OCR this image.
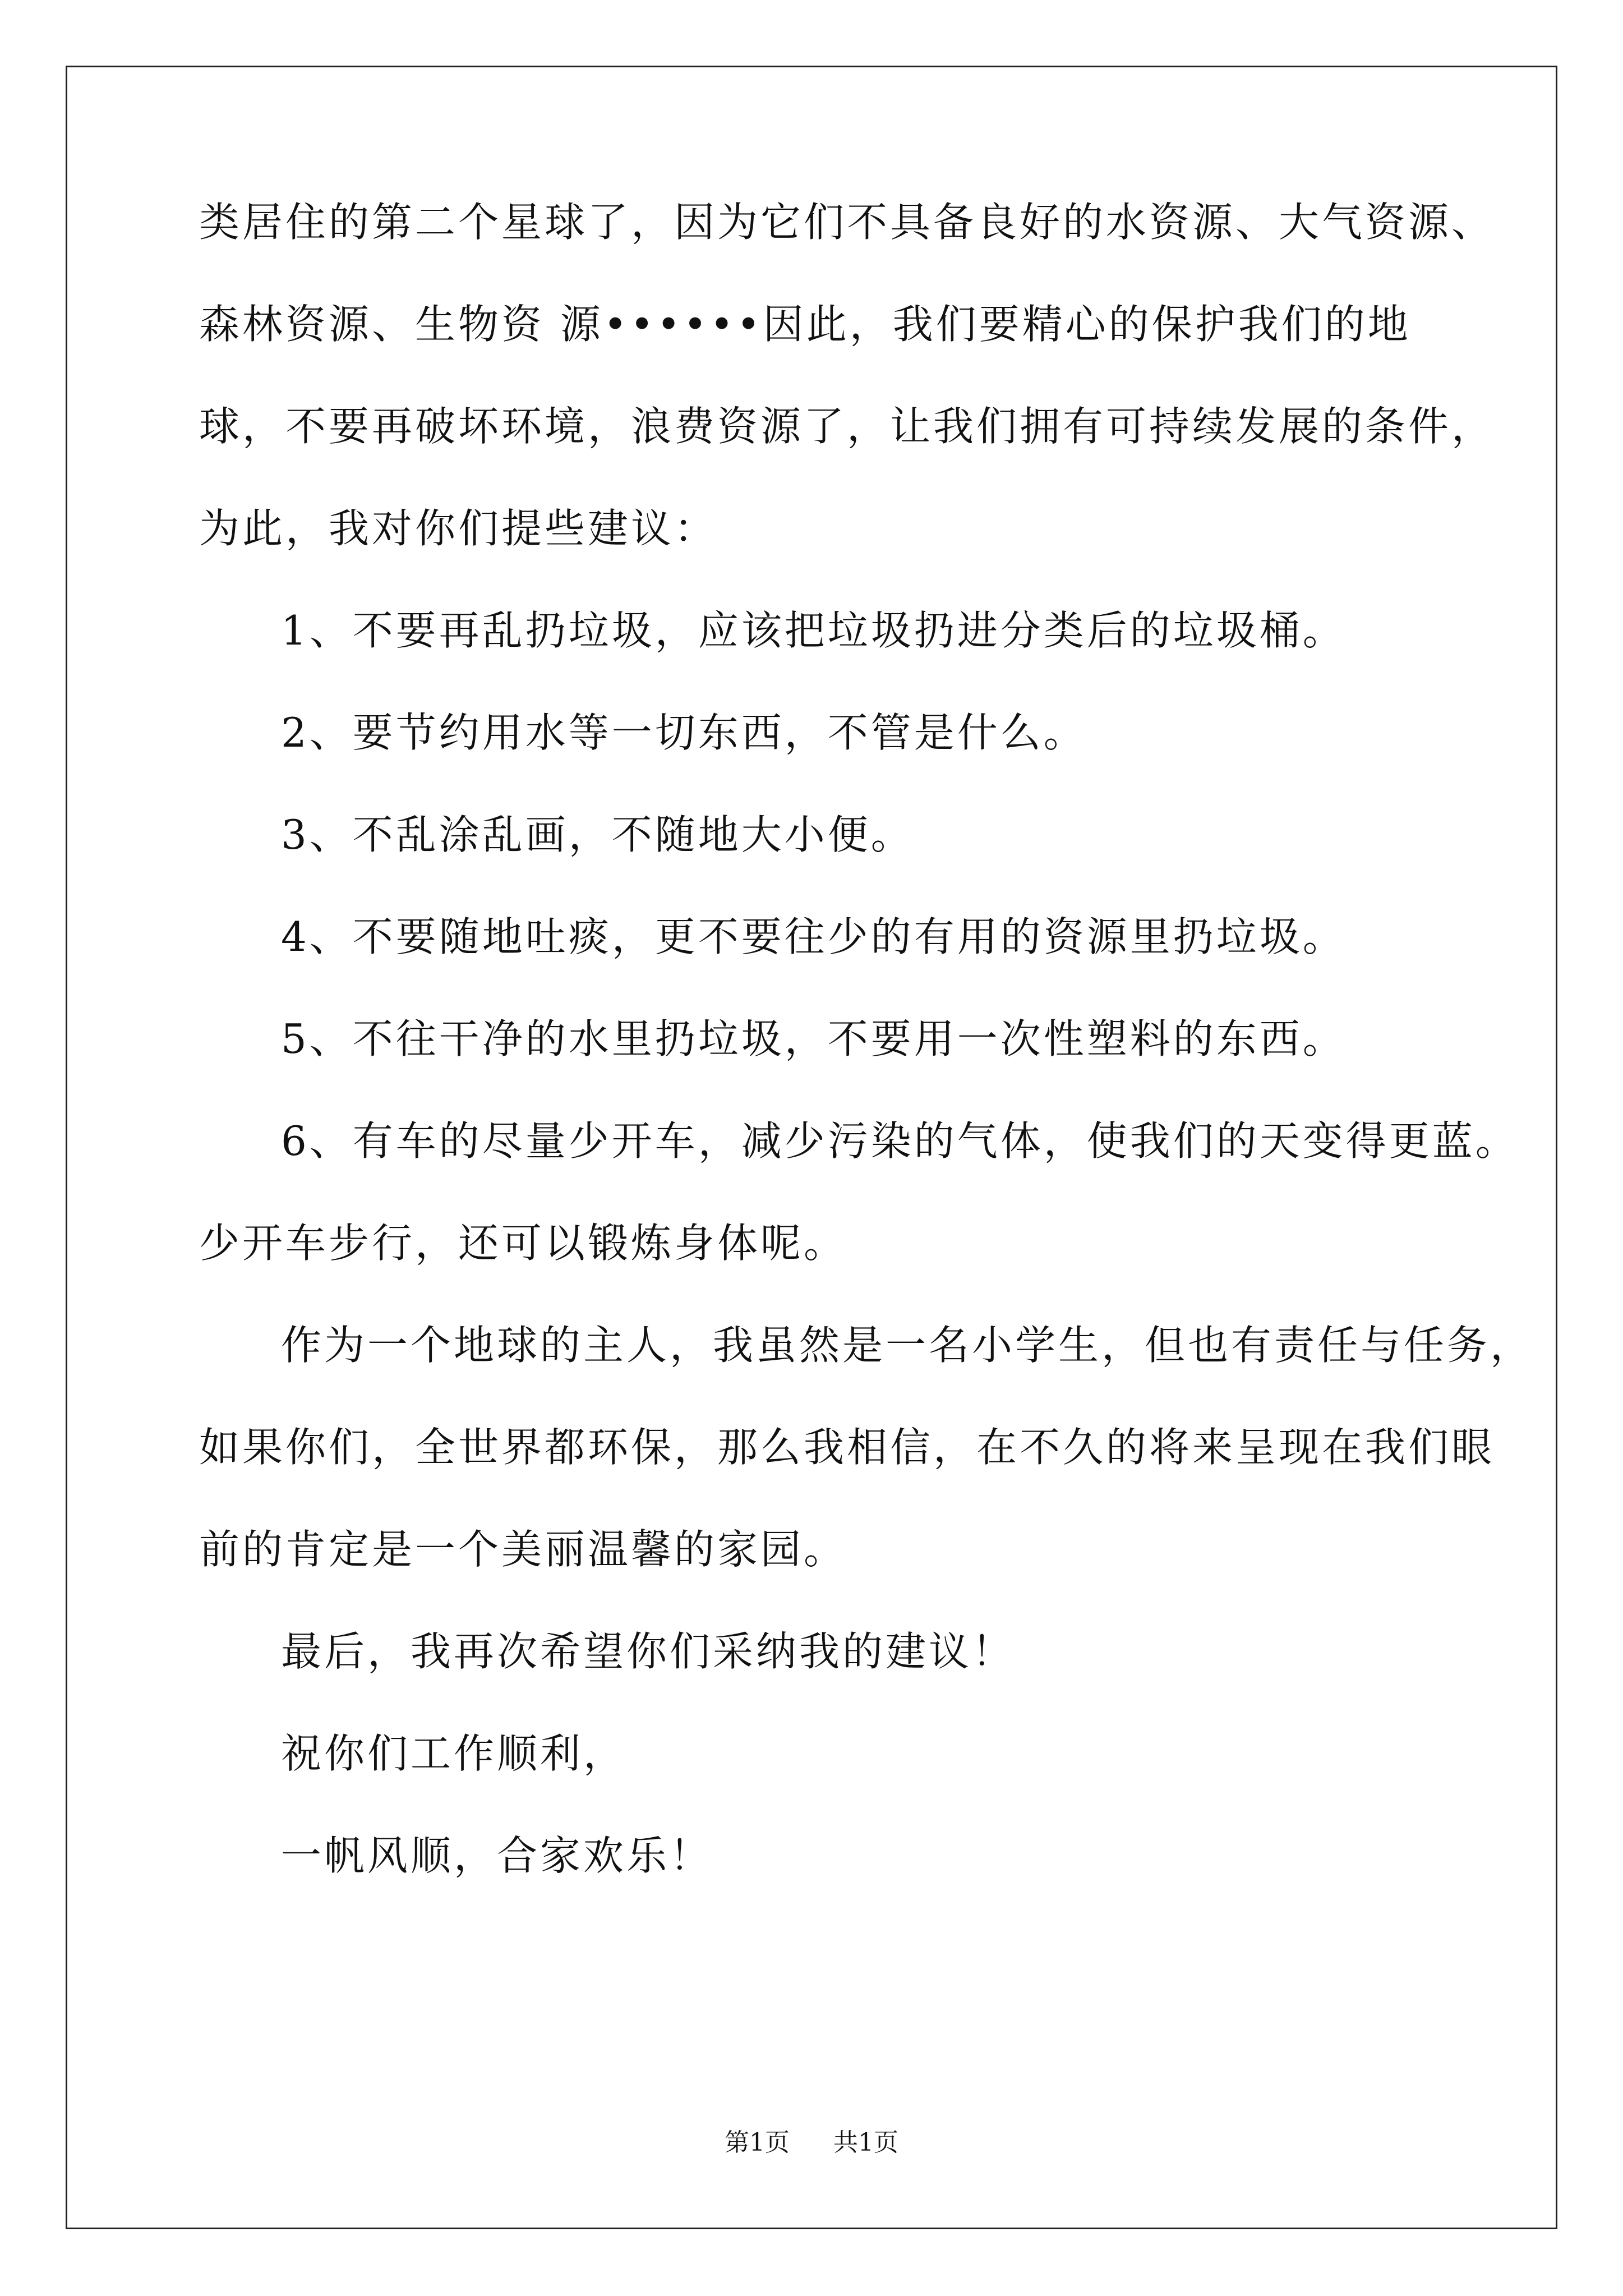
类居住的第二个星球了，因为它们不具备良好的水资源、大气资源、
森林资源、生物资 源••••••因此，我们要精心的保护我们的地
球，不要再破坏环境，浪费资源了，让我们拥有可持续发展的条件，
为此，我对你们提些建议：
1、不要再乱扔垃圾，应该把垃圾扔进分类后的垃圾桶。
2、要节约用水等一切东西，不管是什么。
3、不乱涂乱画，不随地大小便。
4、不要随地吐痰，更不要往少的有用的资源里扔垃圾。
5、不往干净的水里扔垃圾，不要用一次性塑料的东西。
6、有车的尽量少开车，减少污染的气体，使我们的天变得更蓝。
少开车步行，还可以锻炼身体呢。
作为一个地球的主人，我虽然是一名小学生，但也有责任与任务，
如果你们，全世界都环保，那么我相信，在不久的将来呈现在我们眼
前的肯定是一个美丽温馨的家园。
最后，我再次希望你们采纳我的建议！
祝你们工作顺利，
一帆风顺，合家欢乐！
第1页 共1页
